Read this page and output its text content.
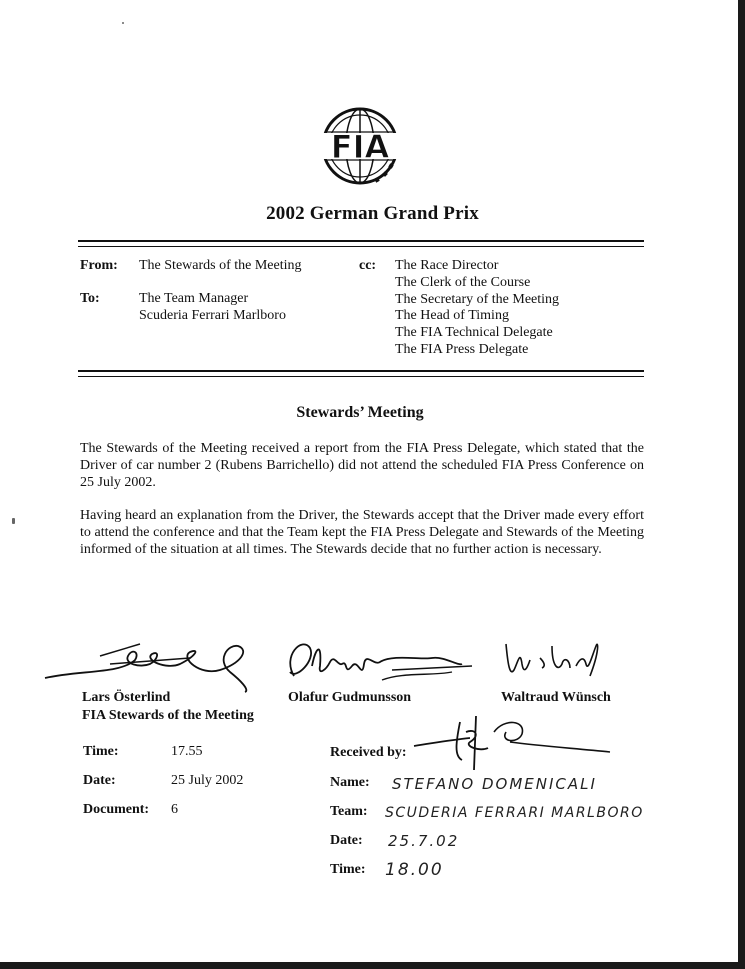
FIA
2002 German Grand Prix
From: The Stewards of the Meeting
To:	The Team Manager
Scuderia Ferrari Marlboro
cc: The Race Director
The Clerk of the Course
The Secretary of the Meeting
The Head of Timing
The FIA Technical Delegate
The FIA Press Delegate
Stewards’ Meeting
The Stewards of the Meeting received a report from the FIA Press Delegate, which stated that the Driver of car number 2 (Rubens Barrichello) did not attend the scheduled FIA Press Conference on 25 July 2002.
Having heard an explanation from the Driver, the Stewards accept that the Driver made every effort to attend the conference and that the Team kept the FIA Press Delegate and Stewards of the Meeting informed of the situation at all times. The Stewards decide that no further action is necessary.
Lars Österlind
FIA Stewards of the Meeting
Olafur Gudmunsson	Waltraud Wünsch
Time:	17.55
Date:	25 July 2002
Document: 6
Received by:
Name: STEFANO DOMENICALI
Team: SCUDERIA FERRARI MARLBORO
Date: 25.7.02
Time: 18.00
